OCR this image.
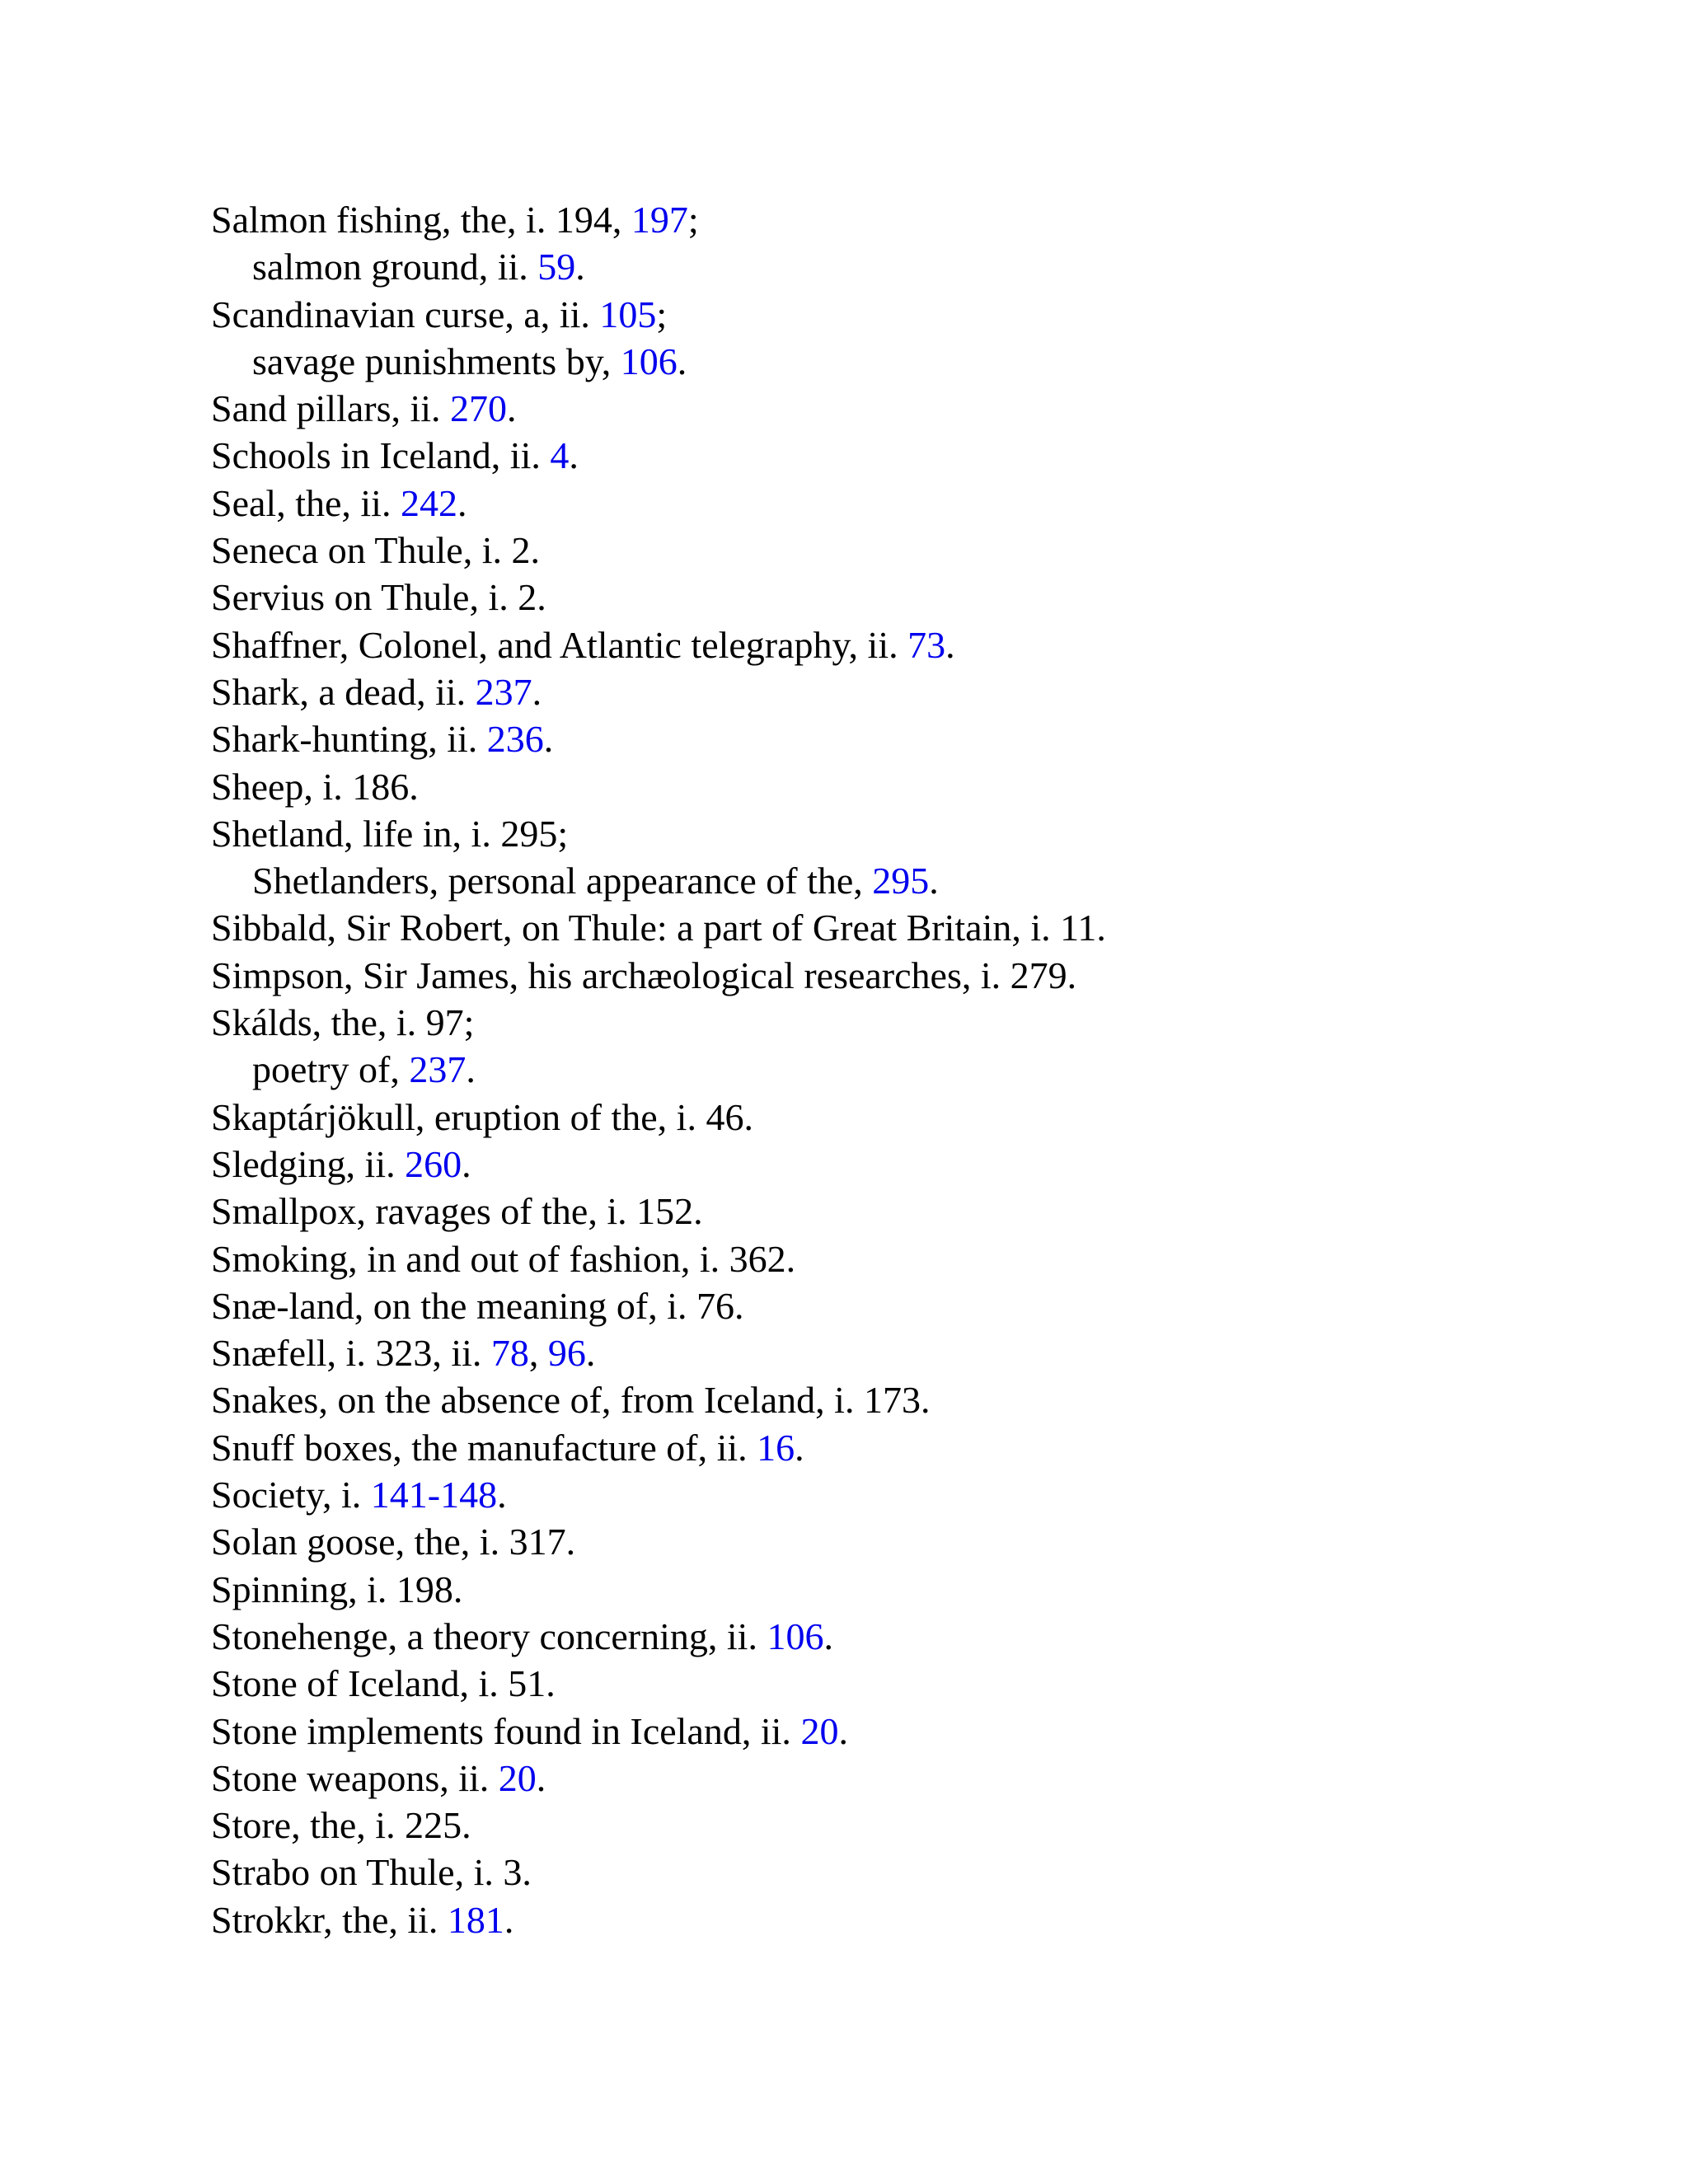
Salmon fishing, the, i. 194, 197;
salmon ground, ii. 59.
Scandinavian curse, a, ii. 105;
savage punishments by, 106.
Sand pillars, ii. 270.
Schools in Iceland, ii. 4.
Seal, the, ii. 242.
Seneca on Thule, i. 2.
Servius on Thule, i. 2.
Shaffner, Colonel, and Atlantic telegraphy, ii. 73.
Shark, a dead, ii. 237.
Shark-hunting, ii. 236.
Sheep, i. 186.
Shetland, life in, i. 295;
Shetlanders, personal appearance of the, 295.
Sibbald, Sir Robert, on Thule: a part of Great Britain, i. 11.
Simpson, Sir James, his archæological researches, i. 279.
Skálds, the, i. 97;
poetry of, 237.
Skaptárjökull, eruption of the, i. 46.
Sledging, ii. 260.
Smallpox, ravages of the, i. 152.
Smoking, in and out of fashion, i. 362.
Snæ-land, on the meaning of, i. 76.
Snæfell, i. 323, ii. 78, 96.
Snakes, on the absence of, from Iceland, i. 173.
Snuff boxes, the manufacture of, ii. 16.
Society, i. 141-148.
Solan goose, the, i. 317.
Spinning, i. 198.
Stonehenge, a theory concerning, ii. 106.
Stone of Iceland, i. 51.
Stone implements found in Iceland, ii. 20.
Stone weapons, ii. 20.
Store, the, i. 225.
Strabo on Thule, i. 3.
Strokkr, the, ii. 181.
